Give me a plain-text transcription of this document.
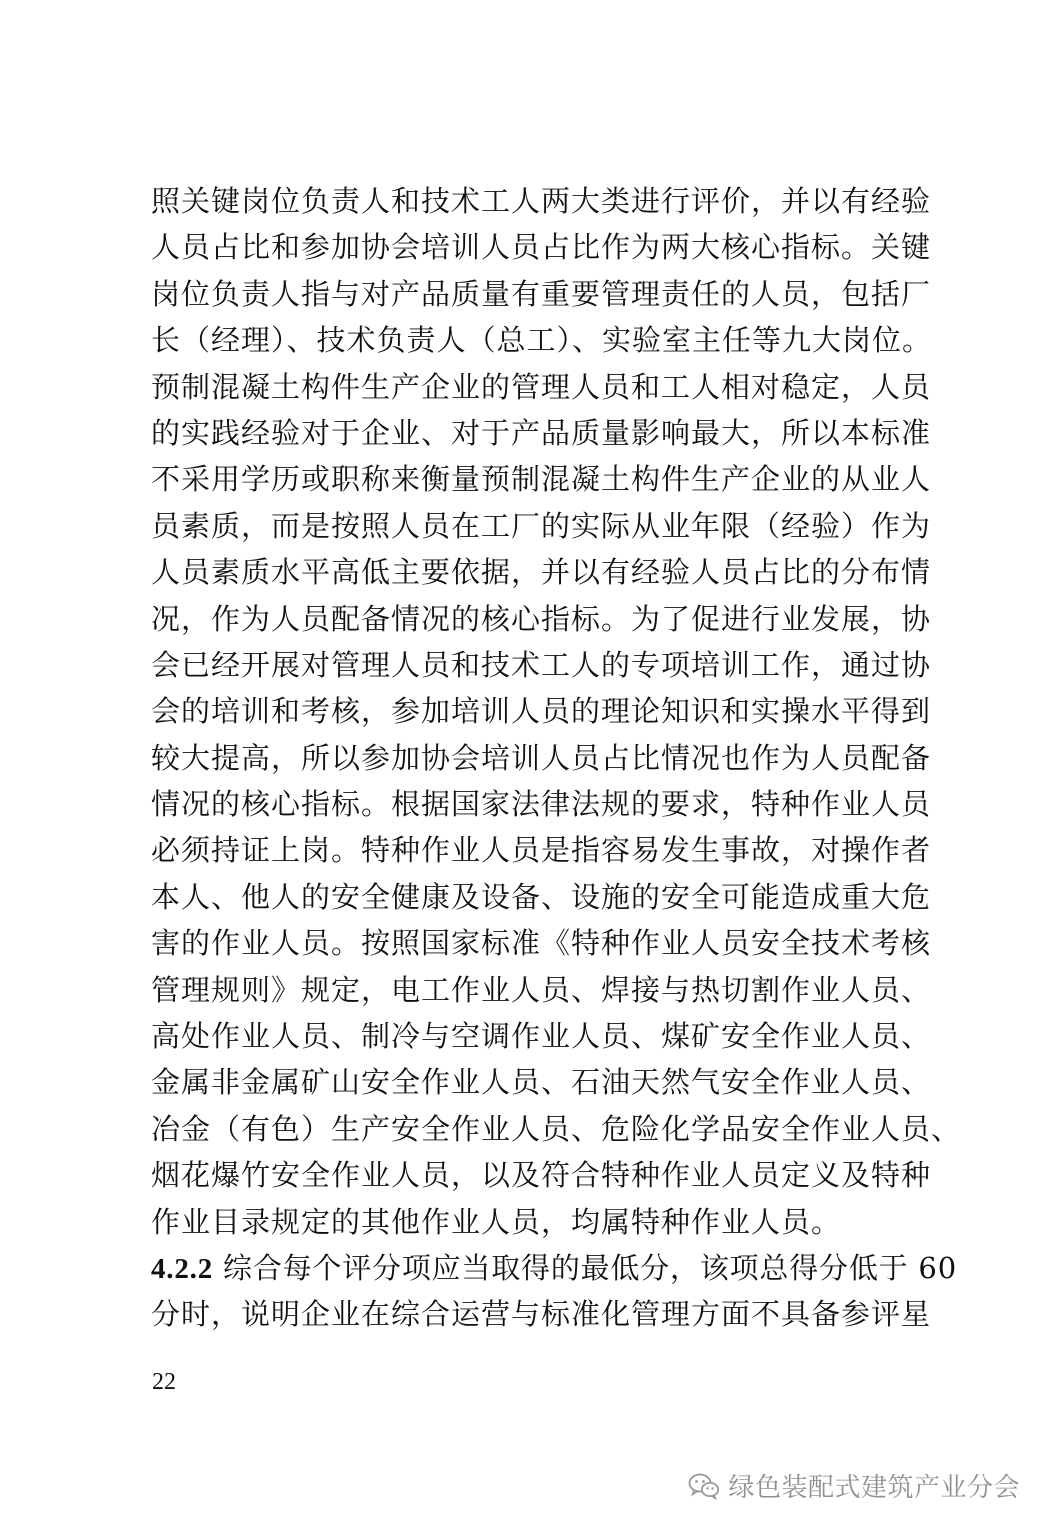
照关键岗位负责人和技术工人两大类进行评价，并以有经验
人员占比和参加协会培训人员占比作为两大核心指标。关键
岗位负责人指与对产品质量有重要管理责任的人员，包括厂
长（经理）、技术负责人（总工）、实验室主任等九大岗位。
预制混凝土构件生产企业的管理人员和工人相对稳定，人员
的实践经验对于企业、对于产品质量影响最大，所以本标准
不采用学历或职称来衡量预制混凝土构件生产企业的从业人
员素质，而是按照人员在工厂的实际从业年限（经验）作为
人员素质水平高低主要依据，并以有经验人员占比的分布情
况，作为人员配备情况的核心指标。为了促进行业发展，协
会已经开展对管理人员和技术工人的专项培训工作，通过协
会的培训和考核，参加培训人员的理论知识和实操水平得到
较大提高，所以参加协会培训人员占比情况也作为人员配备
情况的核心指标。根据国家法律法规的要求，特种作业人员
必须持证上岗。特种作业人员是指容易发生事故，对操作者
本人、他人的安全健康及设备、设施的安全可能造成重大危
害的作业人员。按照国家标准《特种作业人员安全技术考核
管理规则》规定，电工作业人员、焊接与热切割作业人员、
高处作业人员、制冷与空调作业人员、煤矿安全作业人员、
金属非金属矿山安全作业人员、石油天然气安全作业人员、
冶金（有色）生产安全作业人员、危险化学品安全作业人员、
烟花爆竹安全作业人员，以及符合特种作业人员定义及特种
作业目录规定的其他作业人员，均属特种作业人员。
4.2.2 综合每个评分项应当取得的最低分，该项总得分低于 60
分时，说明企业在综合运营与标准化管理方面不具备参评星
22
绿色装配式建筑产业分会
